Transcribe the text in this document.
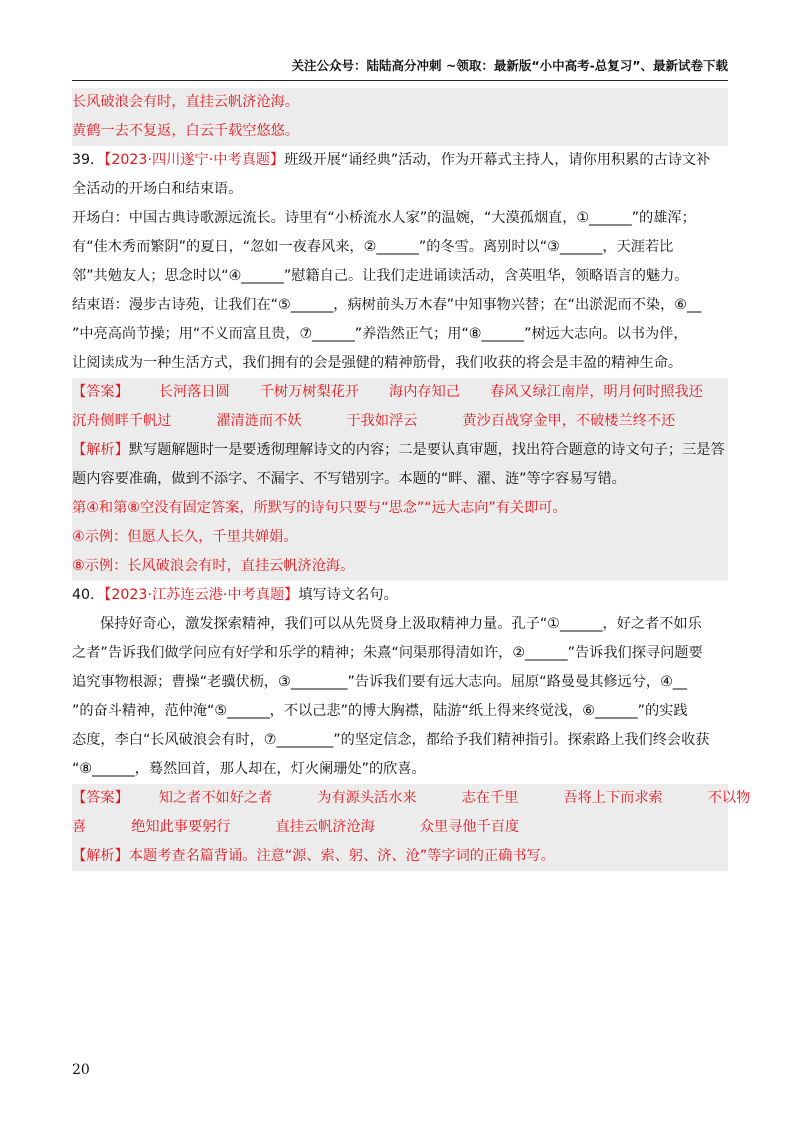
关注公众号：陆陆高分冲刺 ~领取：最新版“小中高考-总复习”、最新试卷下载
长风破浪会有时，直挂云帆济沧海。
黄鹤一去不复返，白云千载空悠悠。
39．【2023·四川遂宁·中考真题】班级开展“诵经典”活动，作为开幕式主持人，请你用积累的古诗文补
全活动的开场白和结束语。
开场白：中国古典诗歌源远流长。诗里有“小桥流水人家”的温婉，“大漠孤烟直，①______”的雄浑；
有“佳木秀而繁阴”的夏日，“忽如一夜春风来，②______”的冬雪。离别时以“③______，天涯若比
邻”共勉友人；思念时以“④______”慰籍自己。让我们走进诵读活动，含英咀华，领略语言的魅力。
结束语：漫步古诗苑，让我们在“⑤______，病树前头万木春”中知事物兴替；在“出淤泥而不染，⑥__
”中亮高尚节操；用“不义而富且贵，⑦______”养浩然正气；用“⑧______”树远大志向。以书为伴，
让阅读成为一种生活方式，我们拥有的会是强健的精神筋骨，我们收获的将会是丰盈的精神生命。
【答案】 长河落日圆 千树万树梨花开 海内存知己 春风又绿江南岸，明月何时照我还
沉舟侧畔千帆过	濯清涟而不妖	于我如浮云	黄沙百战穿金甲，不破楼兰终不还
【解析】默写题解题时一是要透彻理解诗文的内容；二是要认真审题，找出符合题意的诗文句子；三是答
题内容要准确，做到不添字、不漏字、不写错别字。本题的“畔、濯、涟”等字容易写错。
第④和第⑧空没有固定答案，所默写的诗句只要与“思念”“远大志向”有关即可。
④示例：但愿人长久，千里共婵娟。
⑧示例：长风破浪会有时，直挂云帆济沧海。
40．【2023·江苏连云港·中考真题】填写诗文名句。
保持好奇心，激发探索精神，我们可以从先贤身上汲取精神力量。孔子“①______，好之者不如乐
之者”告诉我们做学问应有好学和乐学的精神；朱熹“问渠那得清如许，②______”告诉我们探寻问题要
追究事物根源；曹操“老骥伏枥，③________”告诉我们要有远大志向。屈原“路曼曼其修远兮，④__
”的奋斗精神，范仲淹“⑤______，不以己悲”的博大胸襟，陆游“纸上得来终觉浅，⑥______”的实践
态度，李白“长风破浪会有时，⑦________”的坚定信念，都给予我们精神指引。探索路上我们终会收获
“⑧______，蓦然回首，那人却在，灯火阑珊处”的欣喜。
【答案】 知之者不如好之者	为有源头活水来	志在千里	吾将上下而求索	不以物
喜	绝知此事要躬行	直挂云帆济沧海	众里寻他千百度
【解析】本题考查名篇背诵。注意“源、索、躬、济、沧”等字词的正确书写。
20
